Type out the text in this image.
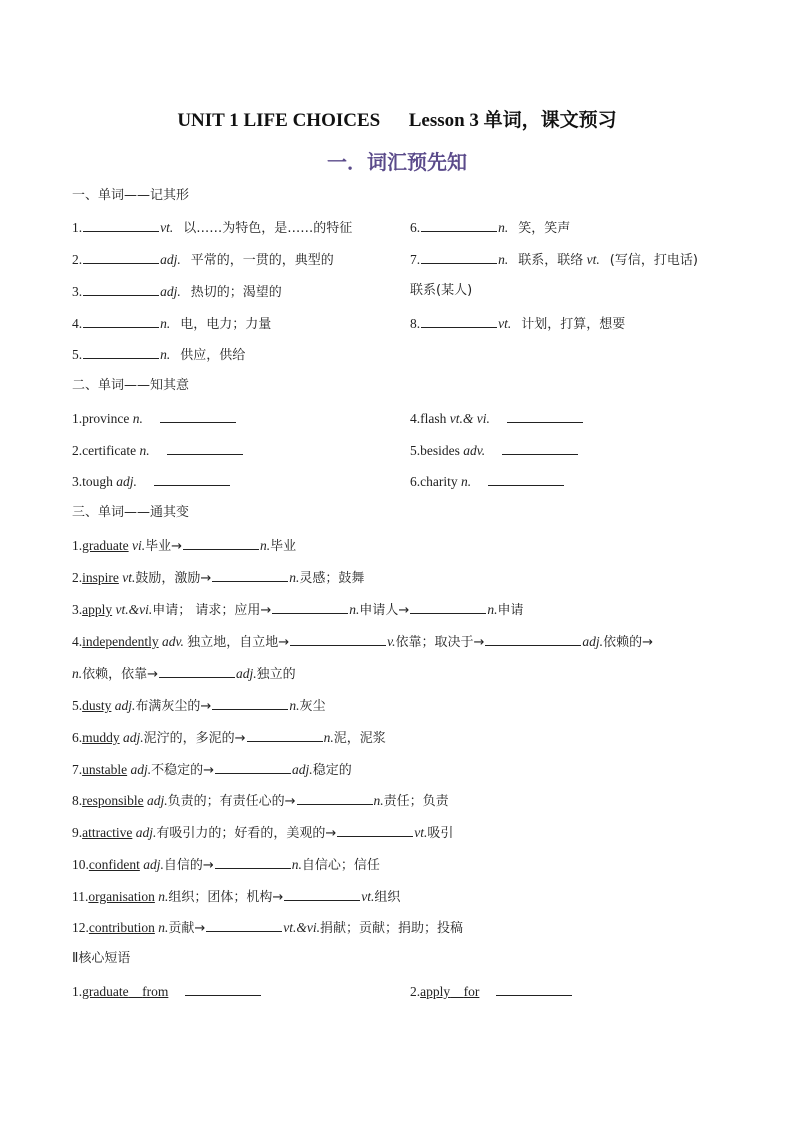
UNIT 1 LIFE CHOICES      Lesson 3 单词，课文预习
一．词汇预先知
一、单词——记其形
1.	vt. 以……为特色，是……的特征	6.	n. 笑，笑声
2.	adj. 平常的，一贯的，典型的	7.	n. 联系，联络 vt. (写信，打电话)
3.	adj. 热切的；渴望的	联系(某人)
4.	n. 电，电力；力量	8.	vt. 计划，打算，想要
5.	n. 供应，供给
二、单词——知其意
1.province n.	4.flash vt.& vi.
2.certificate n.	5.besides adv.
3.tough adj.	6.charity n.
三、单词——通其变
1.graduate vi.毕业→	n.毕业
2.inspire vt.鼓励，激励→	n.灵感；鼓舞
3.apply vt.&vi.申请； 请求；应用→	n.申请人→	n.申请
4.independently adv. 独立地，自立地→	v.依靠；取决于→	adj.依赖的→
n.依赖，依靠→	adj.独立的
5.dusty adj.布满灰尘的→	n.灰尘
6.muddy adj.泥泞的，多泥的→	n.泥，泥浆
7.unstable adj.不稳定的→	adj.稳定的
8.responsible adj.负责的；有责任心的→	n.责任；负责
9.attractive adj.有吸引力的；好看的，美观的→	vt.吸引
10.confident adj.自信的→	n.自信心；信任
11.organisation n.组织；团体；机构→	vt.组织
12.contribution n.贡献→	vt.&vi.捐献；贡献；捐助；投稿
Ⅱ核心短语
1.graduate from	2.apply for
